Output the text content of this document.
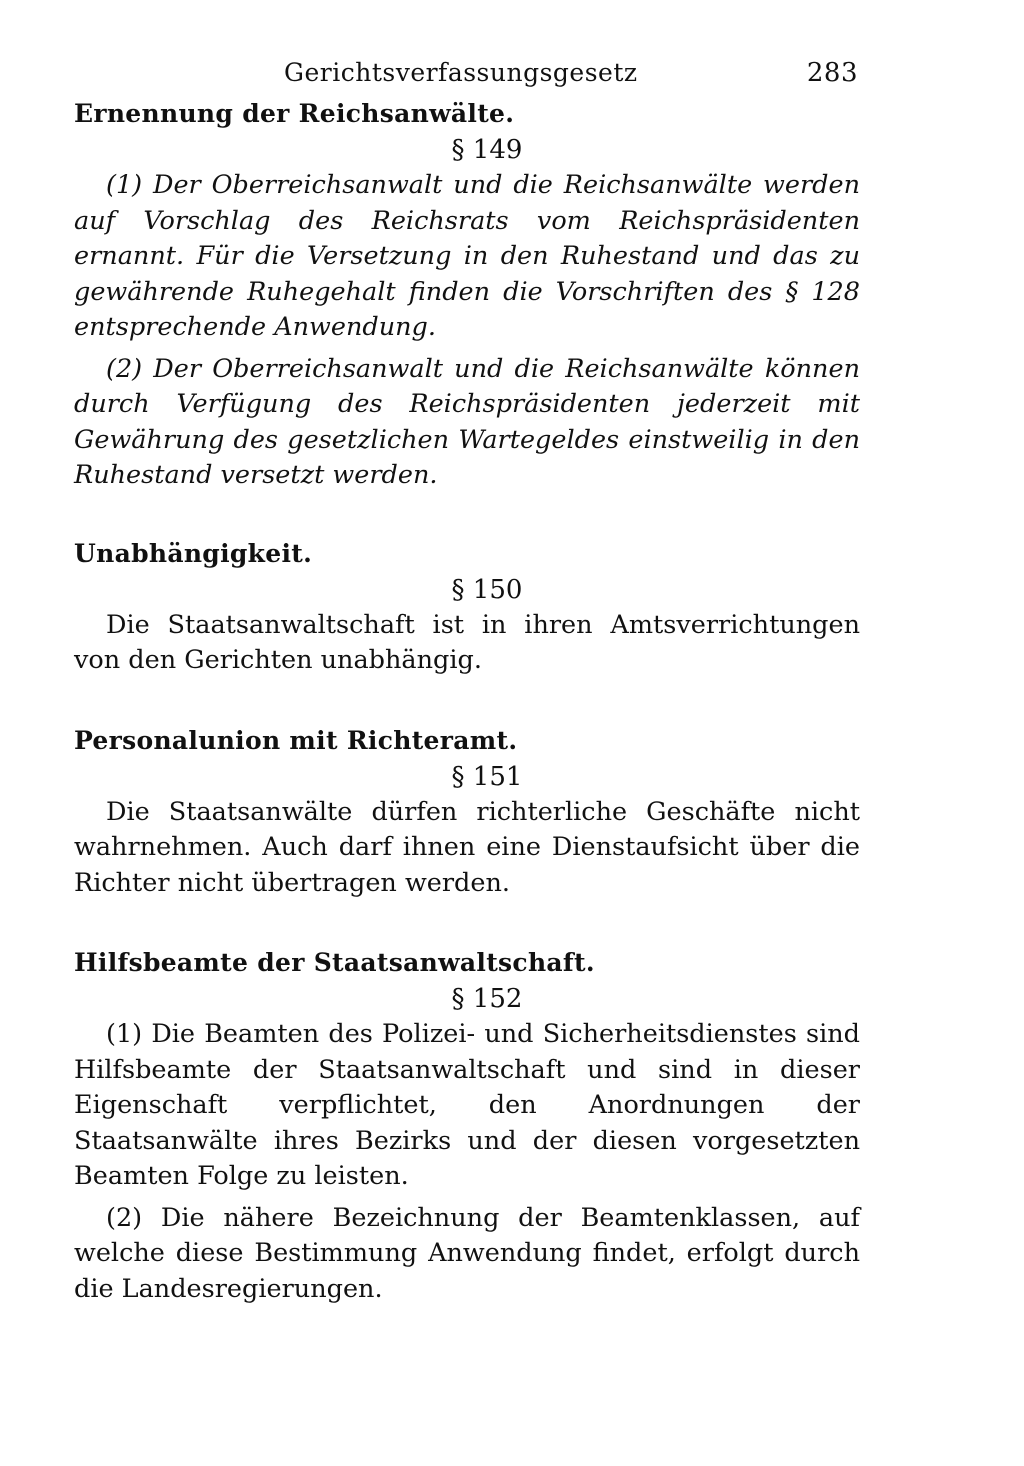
Gerichtsverfassungsgesetz	283
Ernennung der Reichsanwälte.
§ 149

(1) Der Oberreichsanwalt und die Reichsanwälte werden auf Vorschlag des Reichsrats vom Reichspräsidenten ernannt. Für die Versetzung in den Ruhestand und das zu gewährende Ruhegehalt finden die Vorschriften des § 128 entsprechende Anwendung.

(2) Der Oberreichsanwalt und die Reichsanwälte können durch Verfügung des Reichspräsidenten jederzeit mit Gewährung des gesetzlichen Wartegeldes einstweilig in den Ruhestand versetzt werden.

Unabhängigkeit.
§ 150

Die Staatsanwaltschaft ist in ihren Amtsverrichtungen von den Gerichten unabhängig.

Personalunion mit Richteramt.
§ 151

Die Staatsanwälte dürfen richterliche Geschäfte nicht wahrnehmen. Auch darf ihnen eine Dienstaufsicht über die Richter nicht übertragen werden.

Hilfsbeamte der Staatsanwaltschaft.
§ 152

(1) Die Beamten des Polizei- und Sicherheitsdienstes sind Hilfsbeamte der Staatsanwaltschaft und sind in dieser Eigenschaft verpflichtet, den Anordnungen der Staatsanwälte ihres Bezirks und der diesen vorgesetzten Beamten Folge zu leisten.

(2) Die nähere Bezeichnung der Beamtenklassen, auf welche diese Bestimmung Anwendung findet, erfolgt durch die Landesregierungen.
